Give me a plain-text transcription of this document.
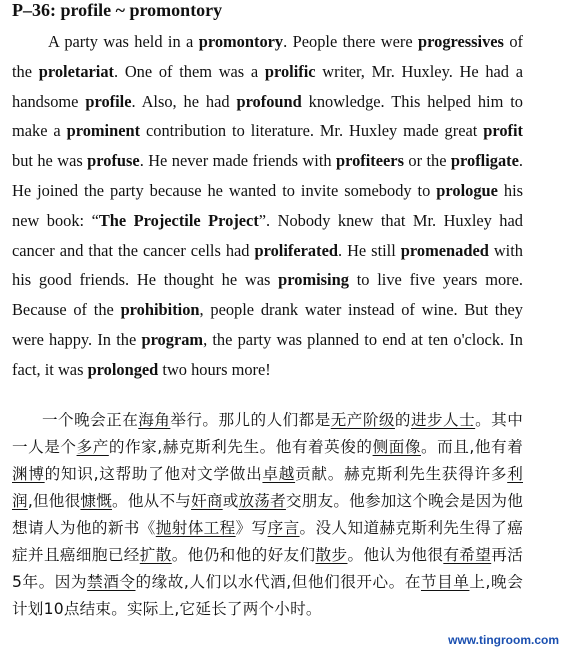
P–36: profile ~ promontory

A party was held in a promontory. People there were progressives of the proletariat. One of them was a prolific writer, Mr. Huxley. He had a handsome profile. Also, he had profound knowledge. This helped him to make a prominent contribution to literature. Mr. Huxley made great profit but he was profuse. He never made friends with profiteers or the profligate. He joined the party because he wanted to invite somebody to prologue his new book: “The Projectile Project”. Nobody knew that Mr. Huxley had cancer and that the cancer cells had proliferated. He still promenaded with his good friends. He thought he was promising to live five years more. Because of the prohibition, people drank water instead of wine. But they were happy. In the program, the party was planned to end at ten o'clock. In fact, it was prolonged two hours more!

一个晚会正在海角举行。那儿的人们都是无产阶级的进步人士。其中一人是个多产的作家,赫克斯利先生。他有着英俊的侧面像。而且,他有着渊博的知识,这帮助了他对文学做出卓越贡献。赫克斯利先生获得许多利润,但他很慷慨。他从不与奸商或放荡者交朋友。他参加这个晚会是因为他想请人为他的新书《抛射体工程》写序言。没人知道赫克斯利先生得了癌症并且癌细胞已经扩散。他仍和他的好友们散步。他认为他很有希望再活5年。因为禁酒令的缘故,人们以水代酒,但他们很开心。在节目单上,晚会计划10点结束。实际上,它延长了两个小时。

www.tingroom.com
